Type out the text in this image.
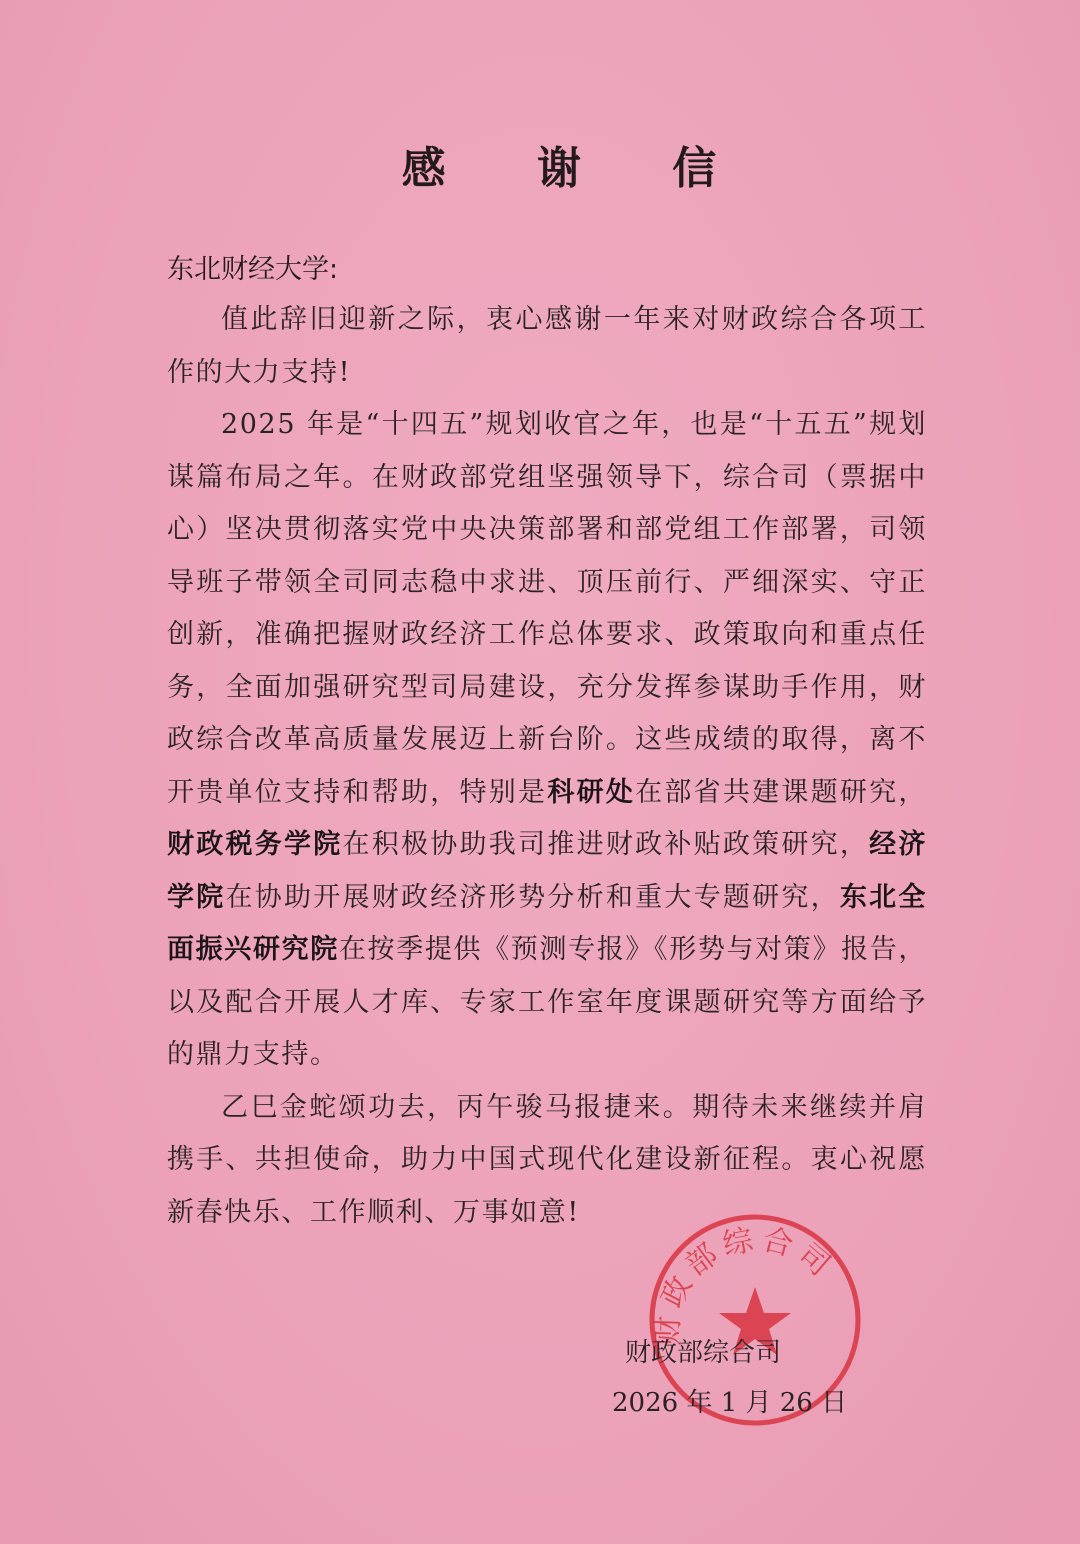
感 谢 信
东北财经大学:

值此辞旧迎新之际，衷心感谢一年来对财政综合各项工作的大力支持!

2025 年是“十四五”规划收官之年，也是“十五五”规划谋篇布局之年。在财政部党组坚强领导下，综合司（票据中心）坚决贯彻落实党中央决策部署和部党组工作部署，司领导班子带领全司同志稳中求进、顶压前行、严细深实、守正创新，准确把握财政经济工作总体要求、政策取向和重点任务，全面加强研究型司局建设，充分发挥参谋助手作用，财政综合改革高质量发展迈上新台阶。这些成绩的取得，离不开贵单位支持和帮助，特别是科研处在部省共建课题研究，财政税务学院在积极协助我司推进财政补贴政策研究，经济学院在协助开展财政经济形势分析和重大专题研究，东北全面振兴研究院在按季提供《预测专报》《形势与对策》报告，以及配合开展人才库、专家工作室年度课题研究等方面给予的鼎力支持。

乙巳金蛇颂功去，丙午骏马报捷来。期待未来继续并肩携手、共担使命，助力中国式现代化建设新征程。衷心祝愿新春快乐、工作顺利、万事如意!

财政部综合司
财政部综合司
2026 年 1 月 26 日
